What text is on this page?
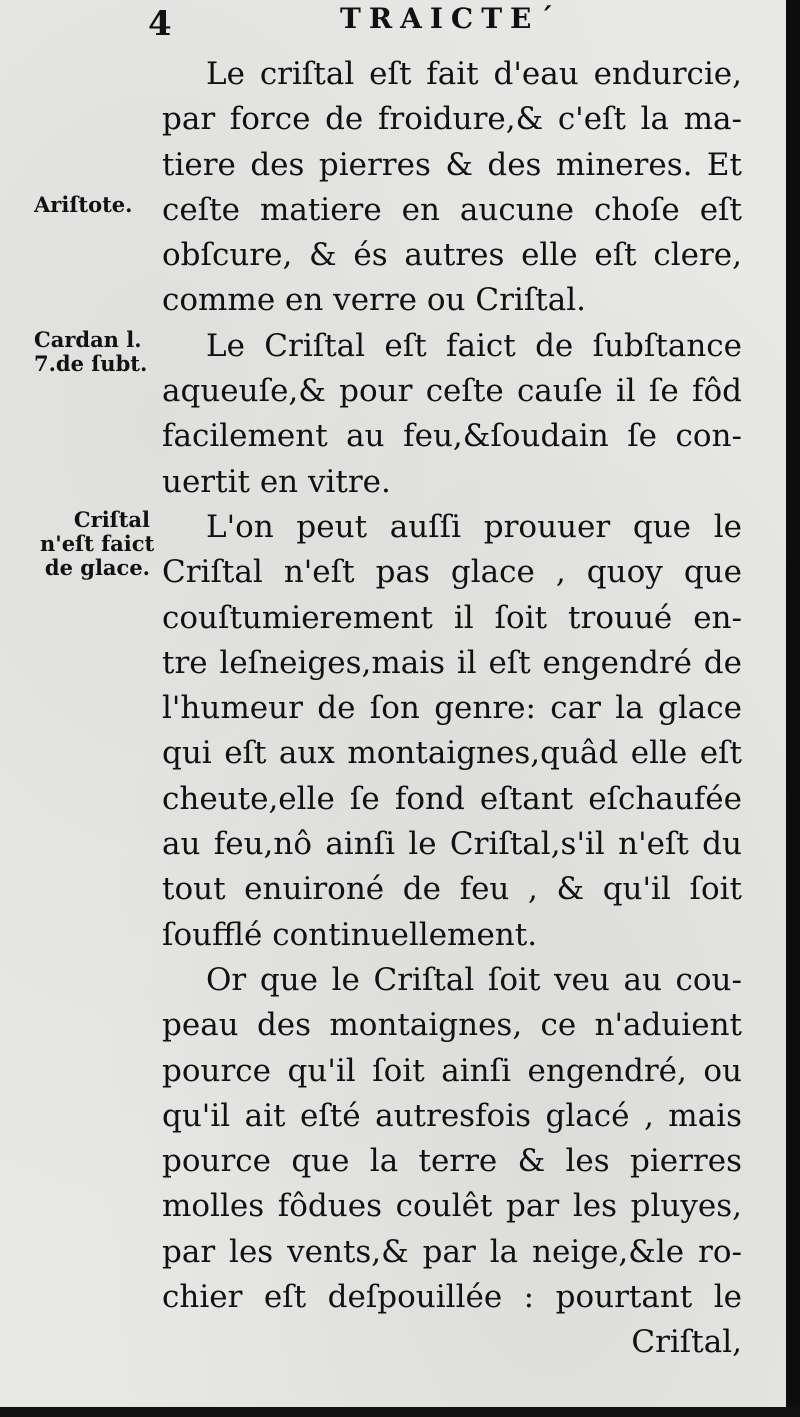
4	TRAICTE´
Ariſtote.
Cardan l.
7.de ſubt.
Criſtal
n'eſt faict
de glace.
Le criſtal eſt fait d'eau endurcie,
par force de froidure,& c'eſt la ma-
tiere des pierres & des mineres. Et
ceſte matiere en aucune choſe eſt
obſcure, & és autres elle eſt clere,
comme en verre ou Criſtal.
Le Criſtal eſt faict de ſubſtance
aqueuſe,& pour ceſte cauſe il ſe fôd
facilement au feu,&ſoudain ſe con-
uertit en vitre.
L'on peut auſſi prouuer que le
Criſtal n'eſt pas glace , quoy que
couſtumierement il ſoit trouué en-
tre leſneiges,mais il eſt engendré de
l'humeur de ſon genre: car la glace
qui eſt aux montaignes,quâd elle eſt
cheute,elle ſe fond eſtant eſchaufée
au feu,nô ainſi le Criſtal,s'il n'eſt du
tout enuironé de feu , & qu'il ſoit
ſoufflé continuellement.
Or que le Criſtal ſoit veu au cou-
peau des montaignes, ce n'aduient
pource qu'il ſoit ainſi engendré, ou
qu'il ait eſté autresfois glacé , mais
pource que la terre & les pierres
molles fôdues coulêt par les pluyes,
par les vents,& par la neige,&le ro-
chier eſt deſpouillée : pourtant le
Criſtal,
